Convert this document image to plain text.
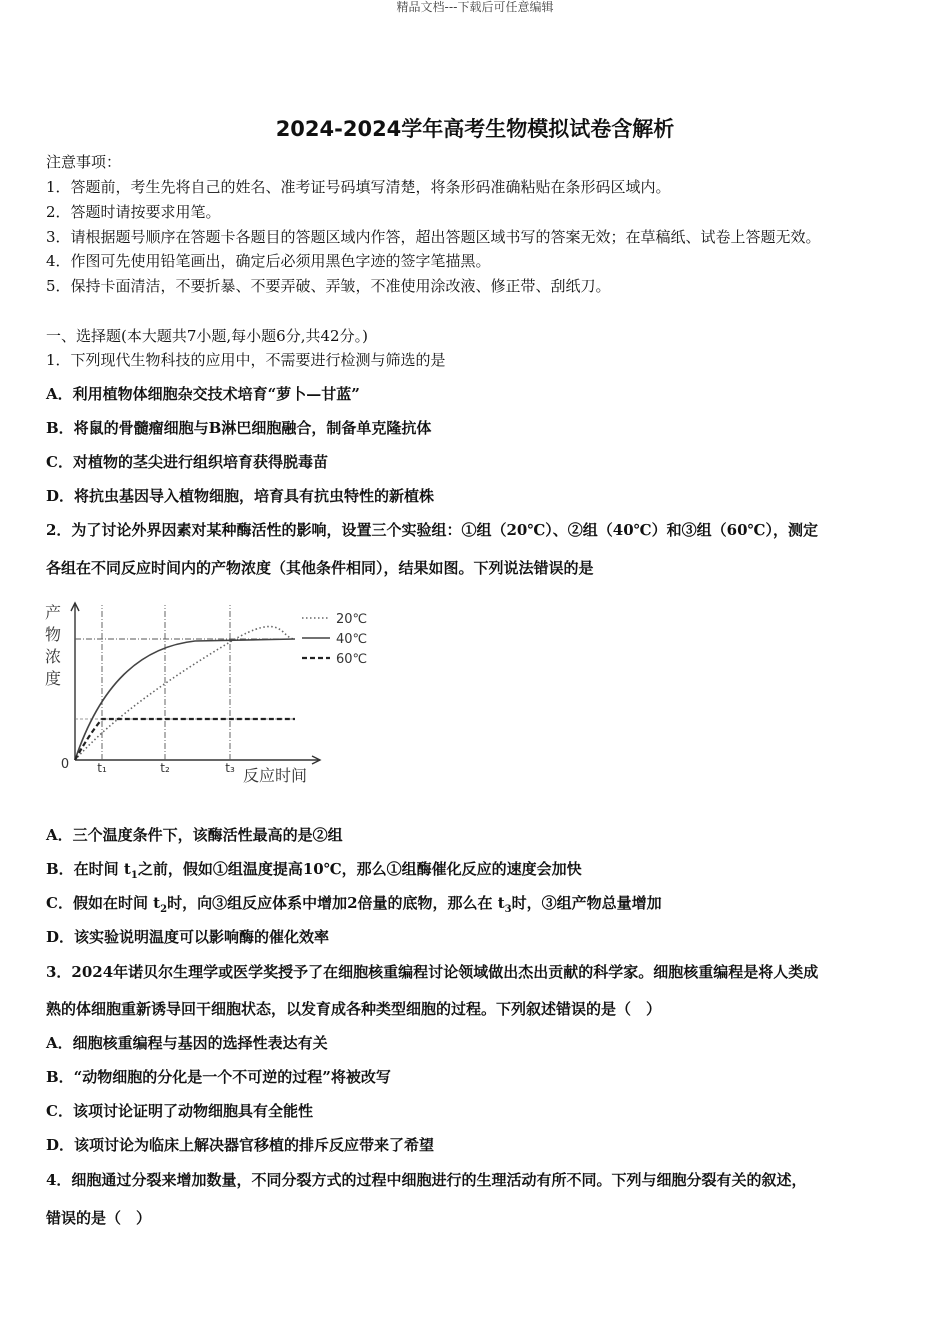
精品文档---下载后可任意编辑
2024-2024学年高考生物模拟试卷含解析
注意事项：
1．答题前，考生先将自己的姓名、准考证号码填写清楚，将条形码准确粘贴在条形码区域内。
2．答题时请按要求用笔。
3．请根据题号顺序在答题卡各题目的答题区域内作答，超出答题区域书写的答案无效；在草稿纸、试卷上答题无效。
4．作图可先使用铅笔画出，确定后必须用黑色字迹的签字笔描黑。
5．保持卡面清洁，不要折暴、不要弄破、弄皱，不准使用涂改液、修正带、刮纸刀。
一、选择题(本大题共7小题,每小题6分,共42分。)
1．下列现代生物科技的应用中，不需要进行检测与筛选的是
A．利用植物体细胞杂交技术培育“萝卜—甘蓝”
B．将鼠的骨髓瘤细胞与B淋巴细胞融合，制备单克隆抗体
C．对植物的茎尖进行组织培育获得脱毒苗
D．将抗虫基因导入植物细胞，培育具有抗虫特性的新植株
2．为了讨论外界因素对某种酶活性的影响，设置三个实验组：①组（20℃）、②组（40℃）和③组（60℃），测定
各组在不同反应时间内的产物浓度（其他条件相同），结果如图。下列说法错误的是
产
物
浓
度
0
反应时间
t₁	t₂	t₃
20℃
40℃
60℃
A．三个温度条件下，该酶活性最高的是②组
B．在时间 $t_1$之前，假如①组温度提高10℃，那么①组酶催化反应的速度会加快
C．假如在时间 $t_2$时，向③组反应体系中增加2倍量的底物，那么在 $t_3$时，③组产物总量增加
D．该实验说明温度可以影响酶的催化效率
3．2024年诺贝尔生理学或医学奖授予了在细胞核重编程讨论领域做出杰出贡献的科学家。细胞核重编程是将人类成
熟的体细胞重新诱导回干细胞状态，以发育成各种类型细胞的过程。下列叙述错误的是（　）
A．细胞核重编程与基因的选择性表达有关
B．“动物细胞的分化是一个不可逆的过程”将被改写
C．该项讨论证明了动物细胞具有全能性
D．该项讨论为临床上解决器官移植的排斥反应带来了希望
4．细胞通过分裂来增加数量，不同分裂方式的过程中细胞进行的生理活动有所不同。下列与细胞分裂有关的叙述，
错误的是（　）
